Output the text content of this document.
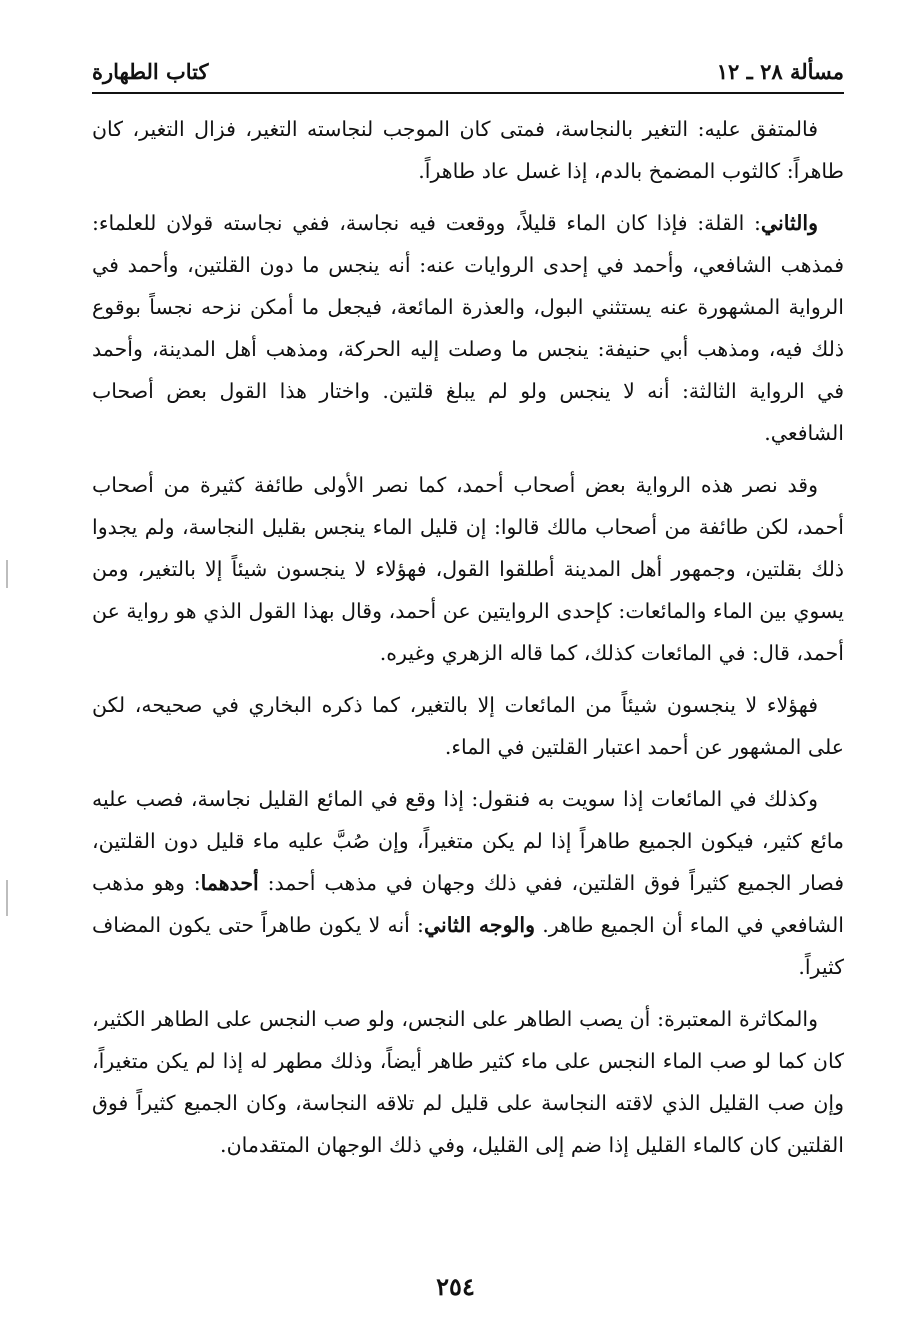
مسألة ٢٨ ـ ١٢
كتاب الطهارة

فالمتفق عليه: التغير بالنجاسة، فمتى كان الموجب لنجاسته التغير، فزال التغير، كان طاهراً: كالثوب المضمخ بالدم، إذا غسل عاد طاهراً.

والثاني: القلة: فإذا كان الماء قليلاً، ووقعت فيه نجاسة، ففي نجاسته قولان للعلماء: فمذهب الشافعي، وأحمد في إحدى الروايات عنه: أنه ينجس ما دون القلتين، وأحمد في الرواية المشهورة عنه يستثني البول، والعذرة المائعة، فيجعل ما أمكن نزحه نجساً بوقوع ذلك فيه، ومذهب أبي حنيفة: ينجس ما وصلت إليه الحركة، ومذهب أهل المدينة، وأحمد في الرواية الثالثة: أنه لا ينجس ولو لم يبلغ قلتين. واختار هذا القول بعض أصحاب الشافعي.

وقد نصر هذه الرواية بعض أصحاب أحمد، كما نصر الأولى طائفة كثيرة من أصحاب أحمد، لكن طائفة من أصحاب مالك قالوا: إن قليل الماء ينجس بقليل النجاسة، ولم يجدوا ذلك بقلتين، وجمهور أهل المدينة أطلقوا القول، فهؤلاء لا ينجسون شيئاً إلا بالتغير، ومن يسوي بين الماء والمائعات: كإحدى الروايتين عن أحمد، وقال بهذا القول الذي هو رواية عن أحمد، قال: في المائعات كذلك، كما قاله الزهري وغيره.

فهؤلاء لا ينجسون شيئاً من المائعات إلا بالتغير، كما ذكره البخاري في صحيحه، لكن على المشهور عن أحمد اعتبار القلتين في الماء.

وكذلك في المائعات إذا سويت به فنقول: إذا وقع في المائع القليل نجاسة، فصب عليه مائع كثير، فيكون الجميع طاهراً إذا لم يكن متغيراً، وإن صُبَّ عليه ماء قليل دون القلتين، فصار الجميع كثيراً فوق القلتين، ففي ذلك وجهان في مذهب أحمد: أحدهما: وهو مذهب الشافعي في الماء أن الجميع طاهر. والوجه الثاني: أنه لا يكون طاهراً حتى يكون المضاف كثيراً.

والمكاثرة المعتبرة: أن يصب الطاهر على النجس، ولو صب النجس على الطاهر الكثير، كان كما لو صب الماء النجس على ماء كثير طاهر أيضاً، وذلك مطهر له إذا لم يكن متغيراً، وإن صب القليل الذي لاقته النجاسة على قليل لم تلاقه النجاسة، وكان الجميع كثيراً فوق القلتين كان كالماء القليل إذا ضم إلى القليل، وفي ذلك الوجهان المتقدمان.

٢٥٤
